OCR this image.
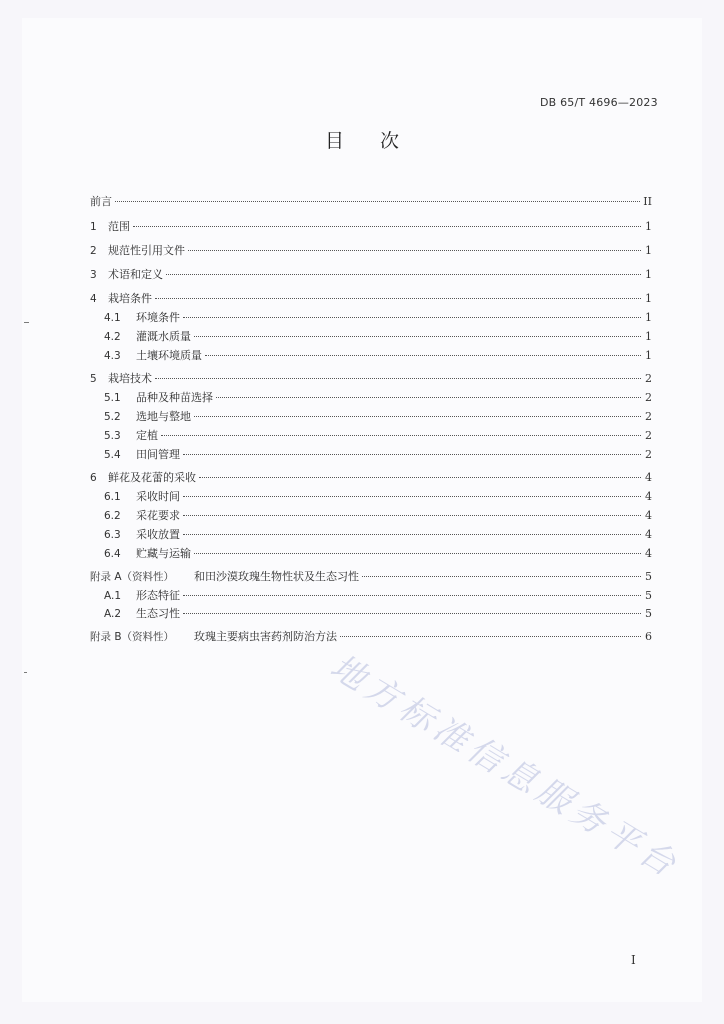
DB 65/T 4696—2023
目次
前言	II
1	范围	1
2	规范性引用文件	1
3	术语和定义	1
4	栽培条件	1
4.1	环境条件	1
4.2	灌溉水质量	1
4.3	土壤环境质量	1
5	栽培技术	2
5.1	品种及种苗选择	2
5.2	选地与整地	2
5.3	定植	2
5.4	田间管理	2
6	鲜花及花蕾的采收	4
6.1	采收时间	4
6.2	采花要求	4
6.3	采收放置	4
6.4	贮藏与运输	4
附录 A（资料性） 和田沙漠玫瑰生物性状及生态习性	5
A.1	形态特征	5
A.2	生态习性	5
附录 B（资料性） 玫瑰主要病虫害药剂防治方法	6
地方标准信息服务平台
I
